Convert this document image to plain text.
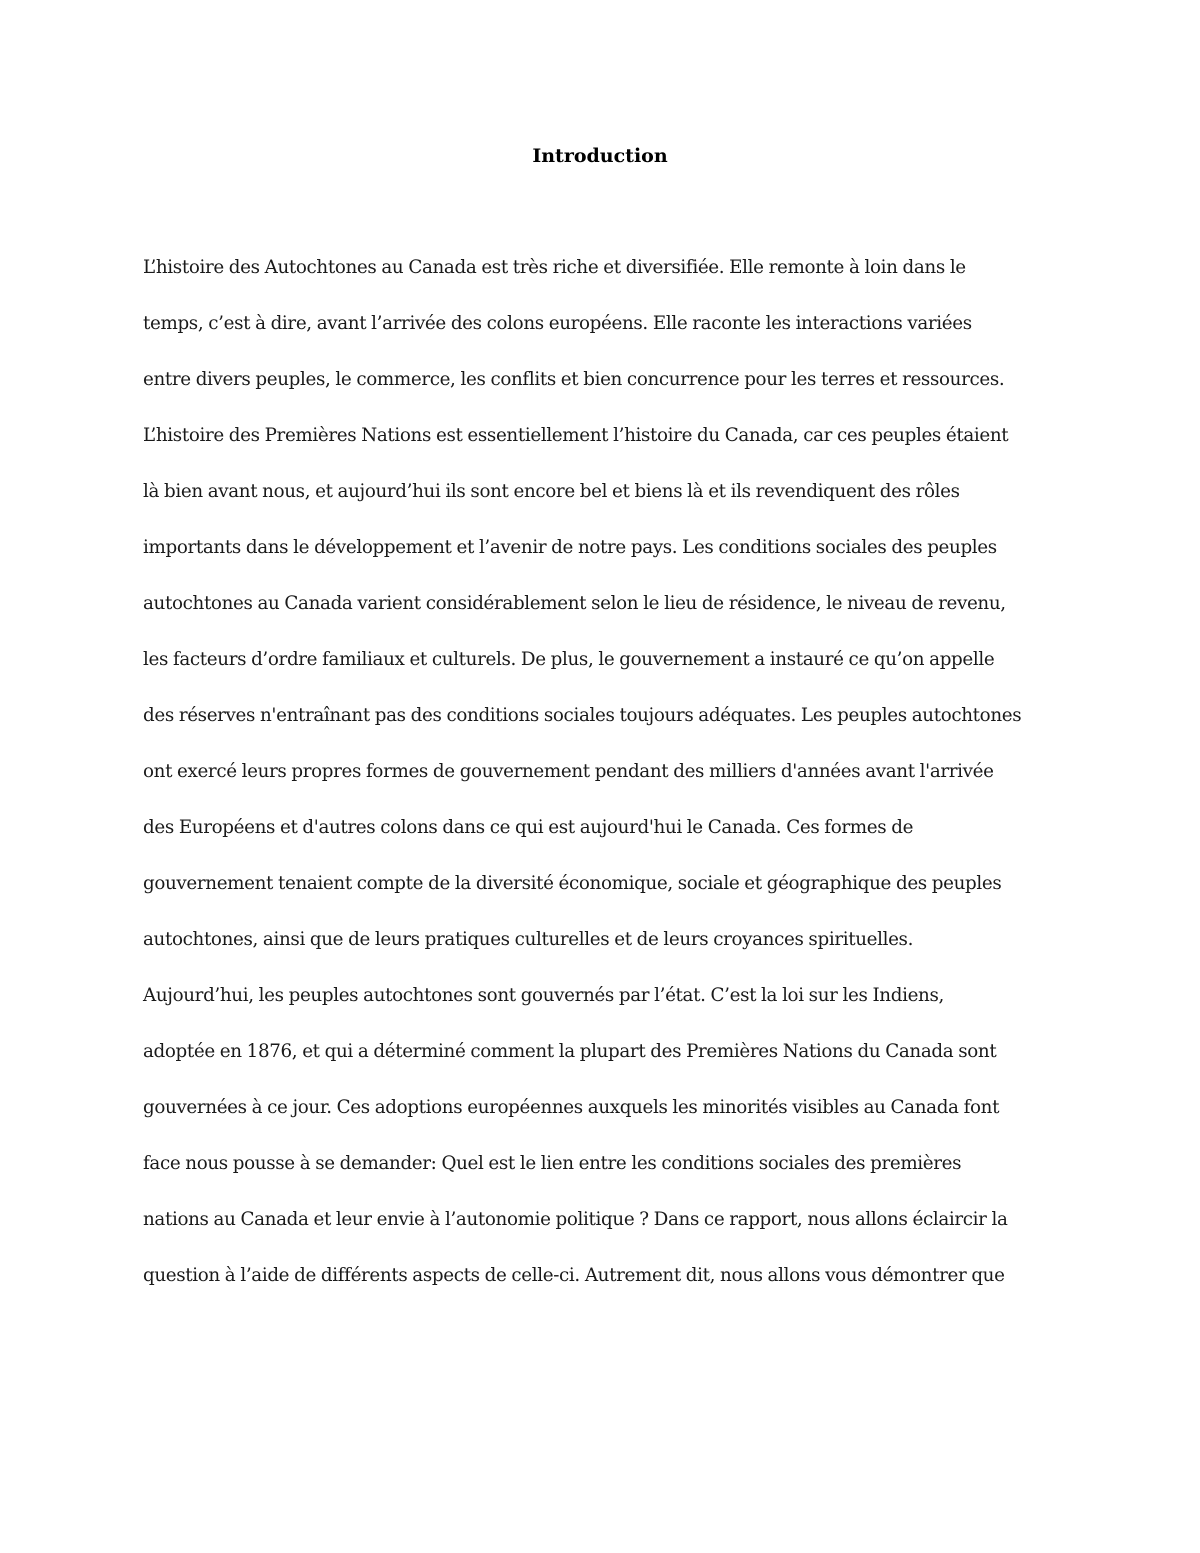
Introduction
L’histoire des Autochtones au Canada est très riche et diversifiée. Elle remonte à loin dans le
temps, c’est à dire, avant l’arrivée des colons européens. Elle raconte les interactions variées
entre divers peuples, le commerce, les conflits et bien concurrence pour les terres et ressources.
L’histoire des Premières Nations est essentiellement l’histoire du Canada, car ces peuples étaient
là bien avant nous, et aujourd’hui ils sont encore bel et biens là et ils revendiquent des rôles
importants dans le développement et l’avenir de notre pays. Les conditions sociales des peuples
autochtones au Canada varient considérablement selon le lieu de résidence, le niveau de revenu,
les facteurs d’ordre familiaux et culturels. De plus, le gouvernement a instauré ce qu’on appelle
des réserves n'entraînant pas des conditions sociales toujours adéquates. Les peuples autochtones
ont exercé leurs propres formes de gouvernement pendant des milliers d'années avant l'arrivée
des Européens et d'autres colons dans ce qui est aujourd'hui le Canada. Ces formes de
gouvernement tenaient compte de la diversité économique, sociale et géographique des peuples
autochtones, ainsi que de leurs pratiques culturelles et de leurs croyances spirituelles.
Aujourd’hui, les peuples autochtones sont gouvernés par l’état. C’est la loi sur les Indiens,
adoptée en 1876, et qui a déterminé comment la plupart des Premières Nations du Canada sont
gouvernées à ce jour. Ces adoptions européennes auxquels les minorités visibles au Canada font
face nous pousse à se demander: Quel est le lien entre les conditions sociales des premières
nations au Canada et leur envie à l’autonomie politique ? Dans ce rapport, nous allons éclaircir la
question à l’aide de différents aspects de celle-ci. Autrement dit, nous allons vous démontrer que
